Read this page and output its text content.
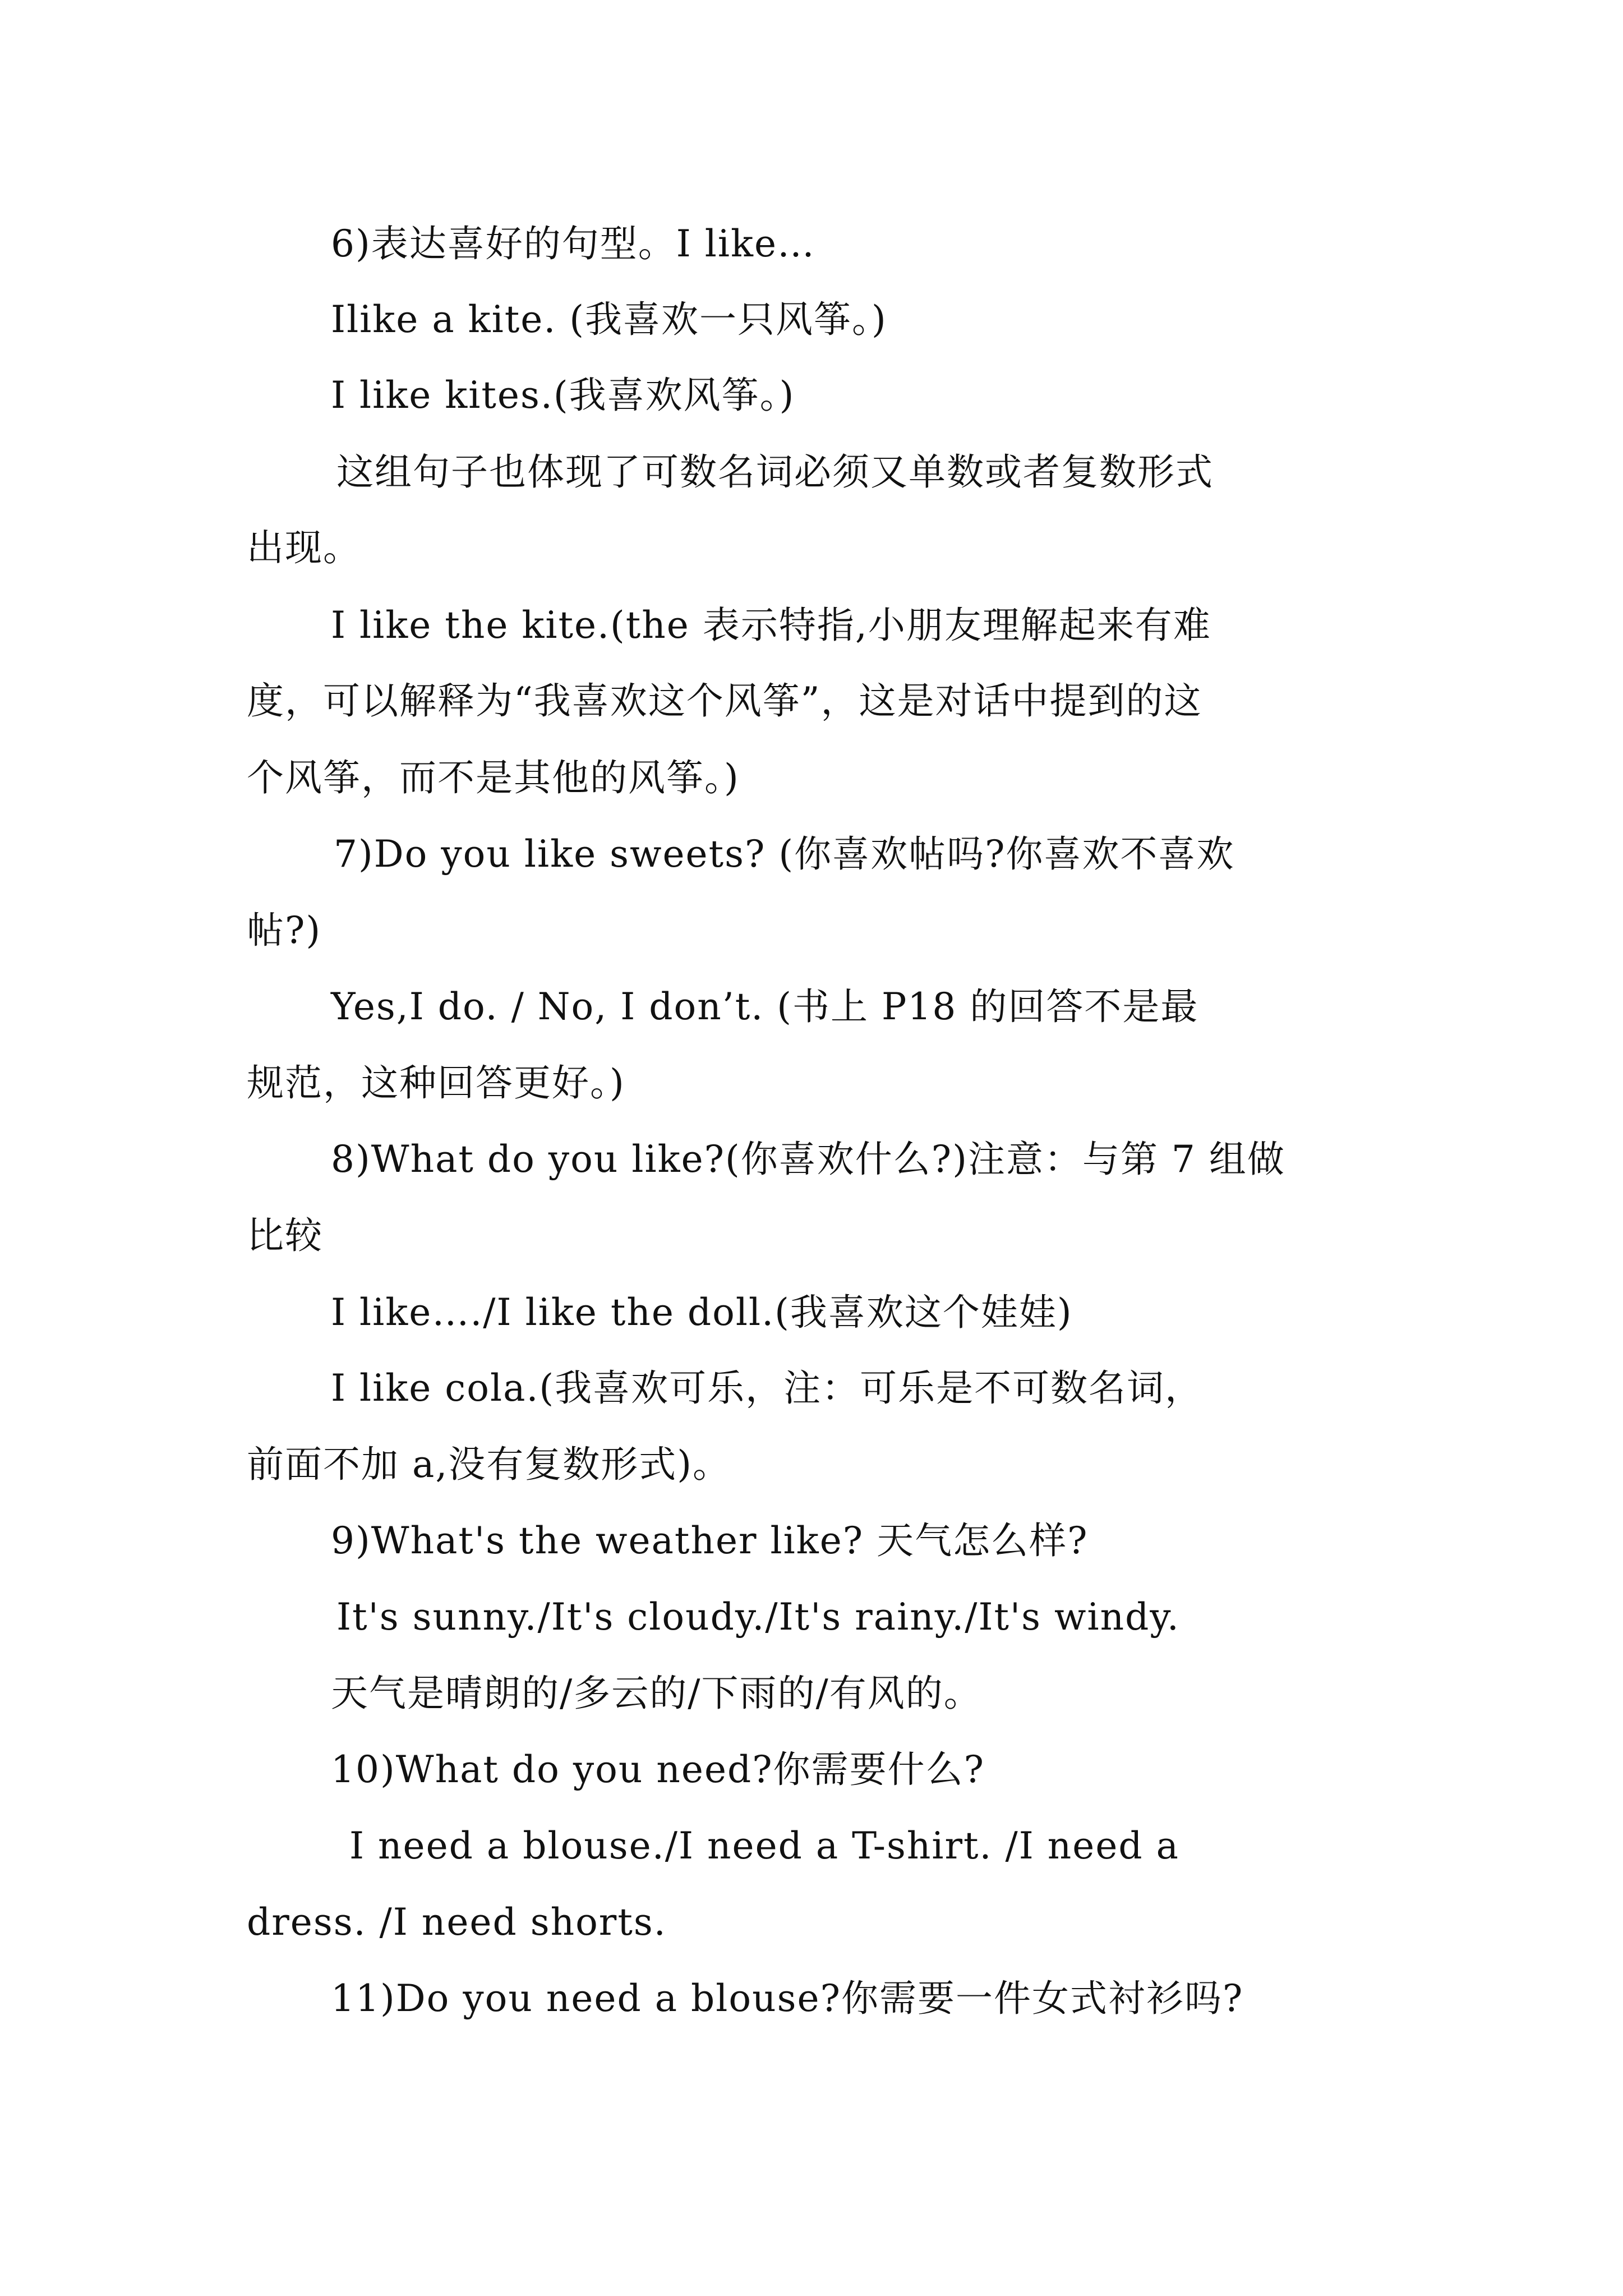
6)表达喜好的句型。I like…
Ilike a kite. (我喜欢一只风筝。)
I like kites.(我喜欢风筝。)
这组句子也体现了可数名词必须又单数或者复数形式
出现。
I like the kite.(the 表示特指,小朋友理解起来有难
度，可以解释为“我喜欢这个风筝”，这是对话中提到的这
个风筝，而不是其他的风筝。)
7)Do you like sweets? (你喜欢帖吗?你喜欢不喜欢
帖?)
Yes,I do. / No, I don’t. (书上 P18 的回答不是最
规范，这种回答更好。)
8)What do you like?(你喜欢什么?)注意：与第 7 组做
比较
I like…./I like the doll.(我喜欢这个娃娃)
I like cola.(我喜欢可乐，注：可乐是不可数名词，
前面不加 a,没有复数形式)。
9)What's the weather like? 天气怎么样?
It's sunny./It's cloudy./It's rainy./It's windy.
天气是晴朗的/多云的/下雨的/有风的。
10)What do you need?你需要什么?
I need a blouse./I need a T-shirt. /I need a
dress. /I need shorts.
11)Do you need a blouse?你需要一件女式衬衫吗?
